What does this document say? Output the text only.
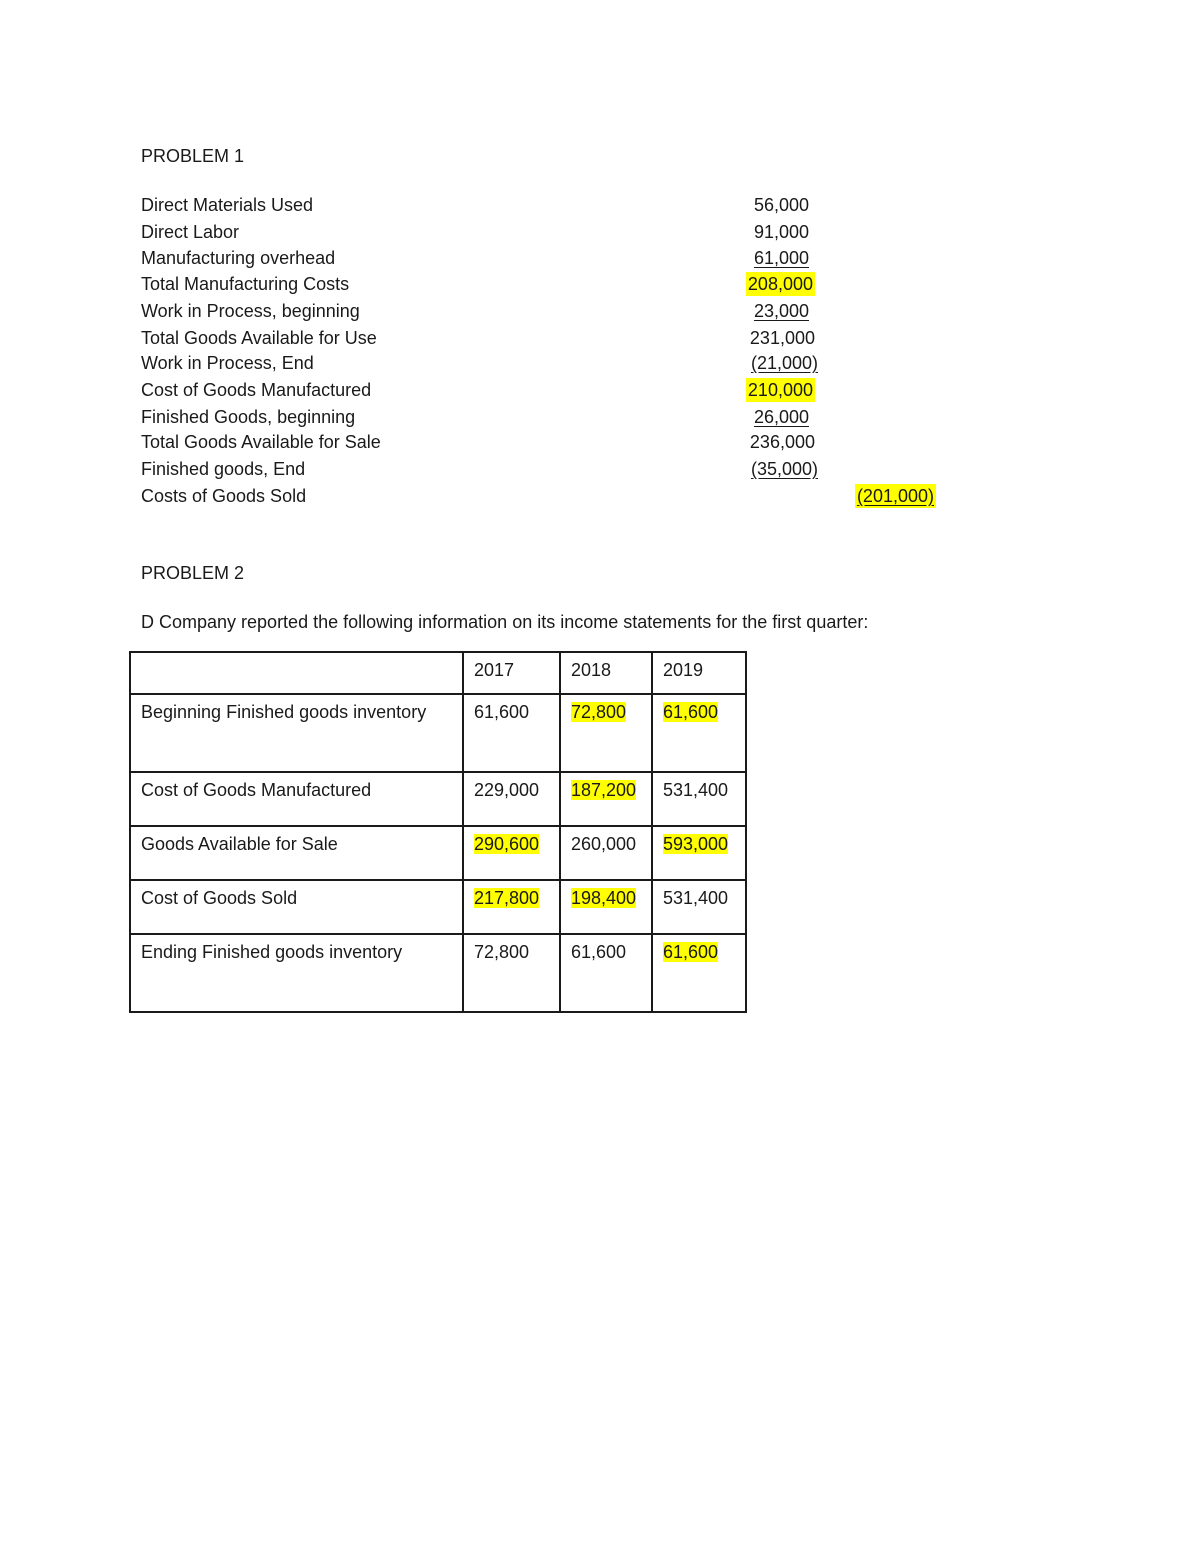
PROBLEM 1
Direct Materials Used	56,000
Direct Labor	91,000
Manufacturing overhead	61,000
Total Manufacturing Costs	208,000
Work in Process, beginning	23,000
Total Goods Available for Use	231,000
Work in Process, End	(21,000)
Cost of Goods Manufactured	210,000
Finished Goods, beginning	26,000
Total Goods Available for Sale	236,000
Finished goods, End	(35,000)
Costs of Goods Sold	(201,000)
PROBLEM 2
D Company reported the following information on its income statements for the first quarter:
	2017	2018	2019
Beginning Finished goods inventory	61,600	72,800	61,600
Cost of Goods Manufactured	229,000	187,200	531,400
Goods Available for Sale	290,600	260,000	593,000
Cost of Goods Sold	217,800	198,400	531,400
Ending Finished goods inventory	72,800	61,600	61,600
